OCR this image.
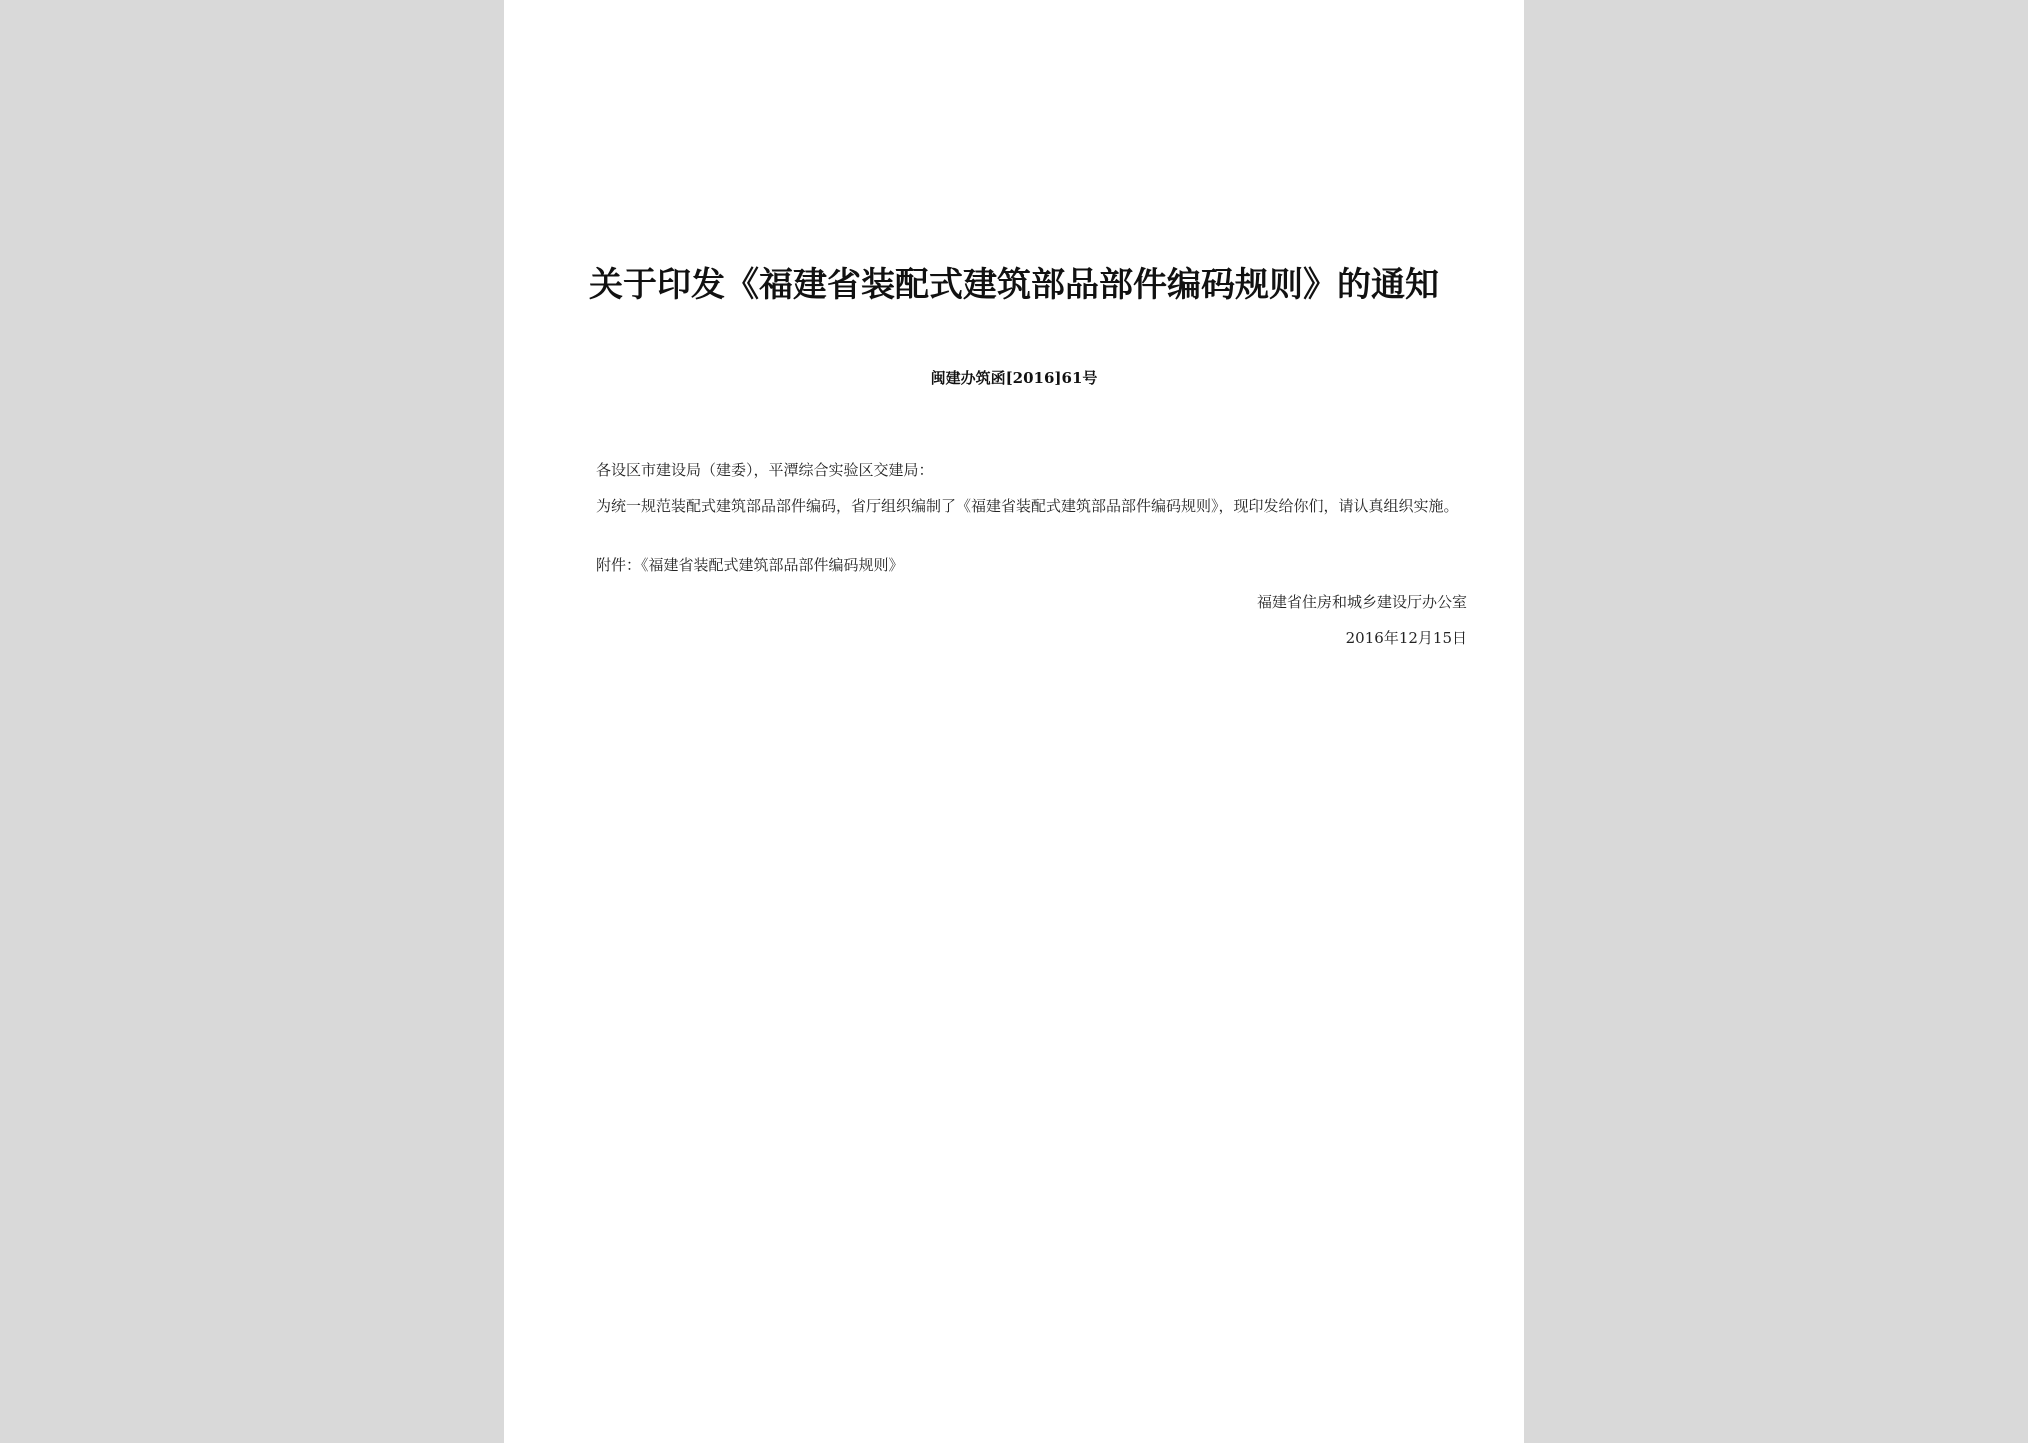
关于印发《福建省装配式建筑部品部件编码规则》的通知
闽建办筑函[2016]61号

各设区市建设局（建委），平潭综合实验区交建局：

为统一规范装配式建筑部品部件编码，省厅组织编制了《福建省装配式建筑部品部件编码规则》，现印发给你们，请认真组织实施。

附件：《福建省装配式建筑部品部件编码规则》

福建省住房和城乡建设厅办公室
2016年12月15日
